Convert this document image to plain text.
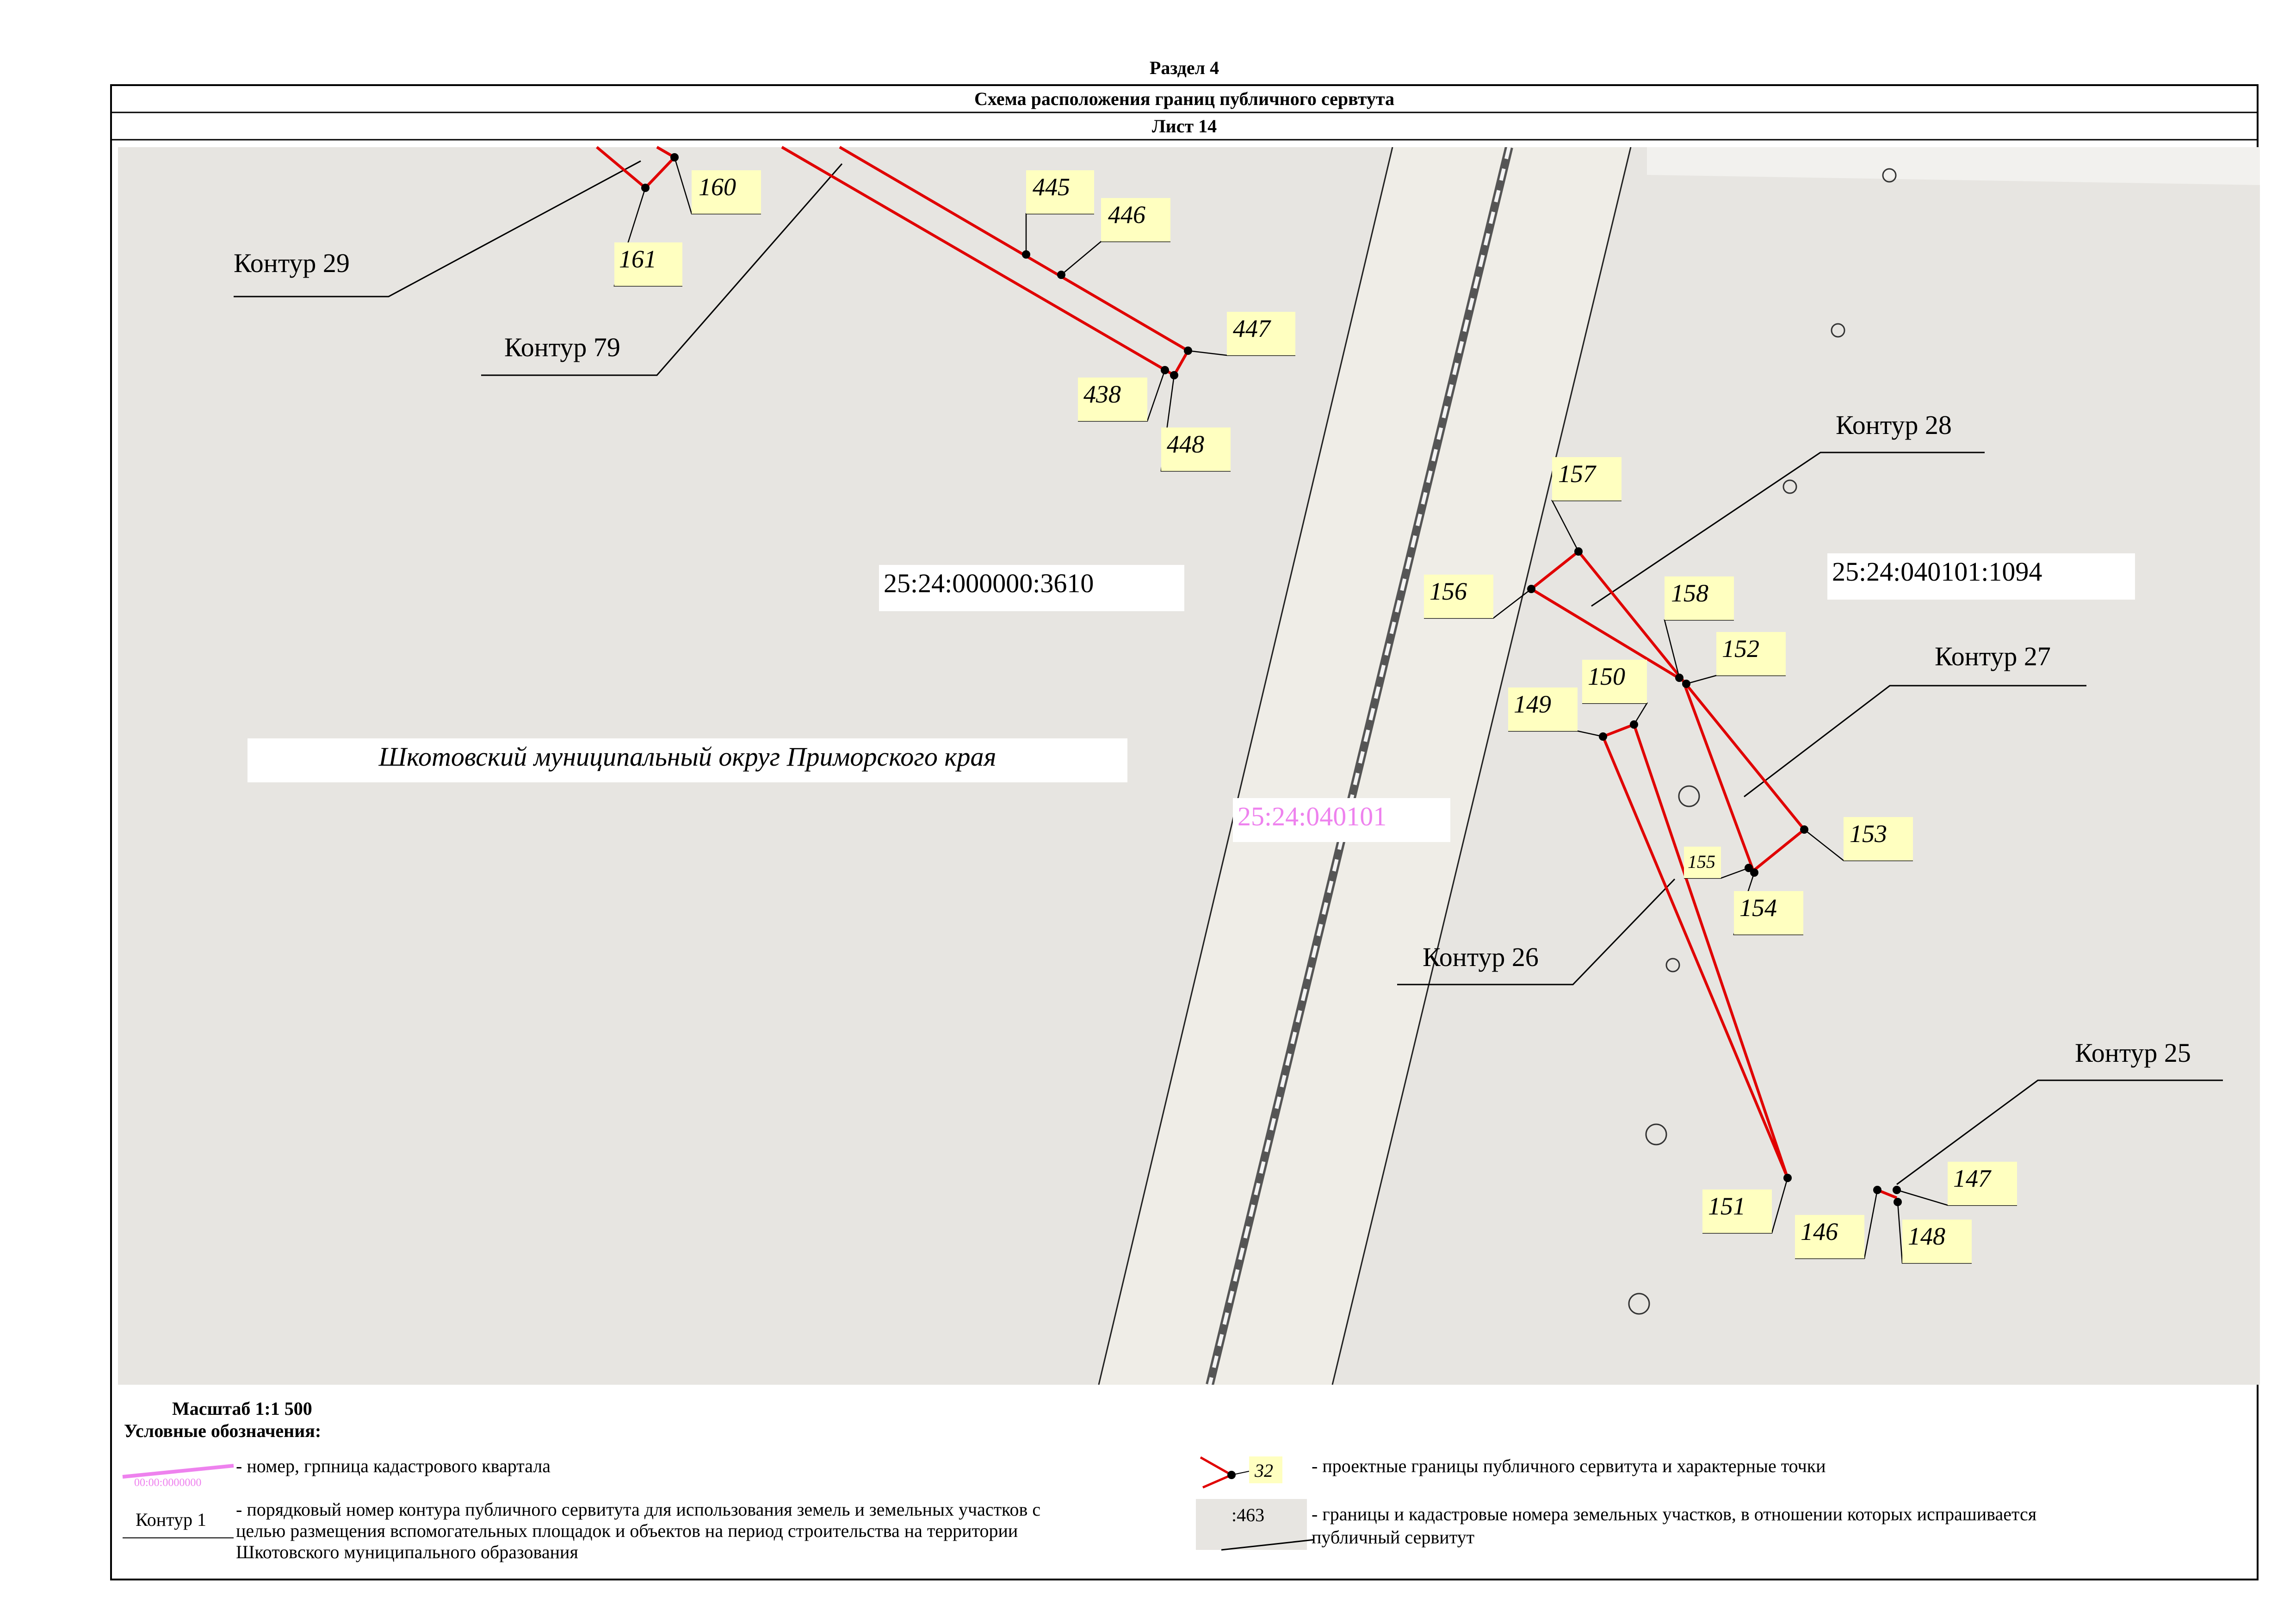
Раздел 4
Схема расположения границ публичного сервтута
Лист 14
Шкотовский муниципальный округ Приморского края
25:24:000000:3610	25:24:040101:1094
25:24:040101
Контур 29
Контур 79
Контур 28
Контур 27
Контур 26
Контур 25
160
161
445
446
447
438
448
157
156	158
152
149
150
153
155
154
151
146
147
148
Масштаб 1:1 500
Условные обозначения:
00:00:0000000
- номер, грпница кадастрового квартала
Контур 1 - порядковый номер контура публичного сервитута для использования земель и земельных участков с
целью размещения вспомогательных площадок и объектов на период строительства на территории
Шкотовского муниципального образования
32 - проектные границы публичного сервитута и характерные точки
:463	- границы и кадастровые номера земельных участков, в отношении которых испрашивается
публичный сервитут
